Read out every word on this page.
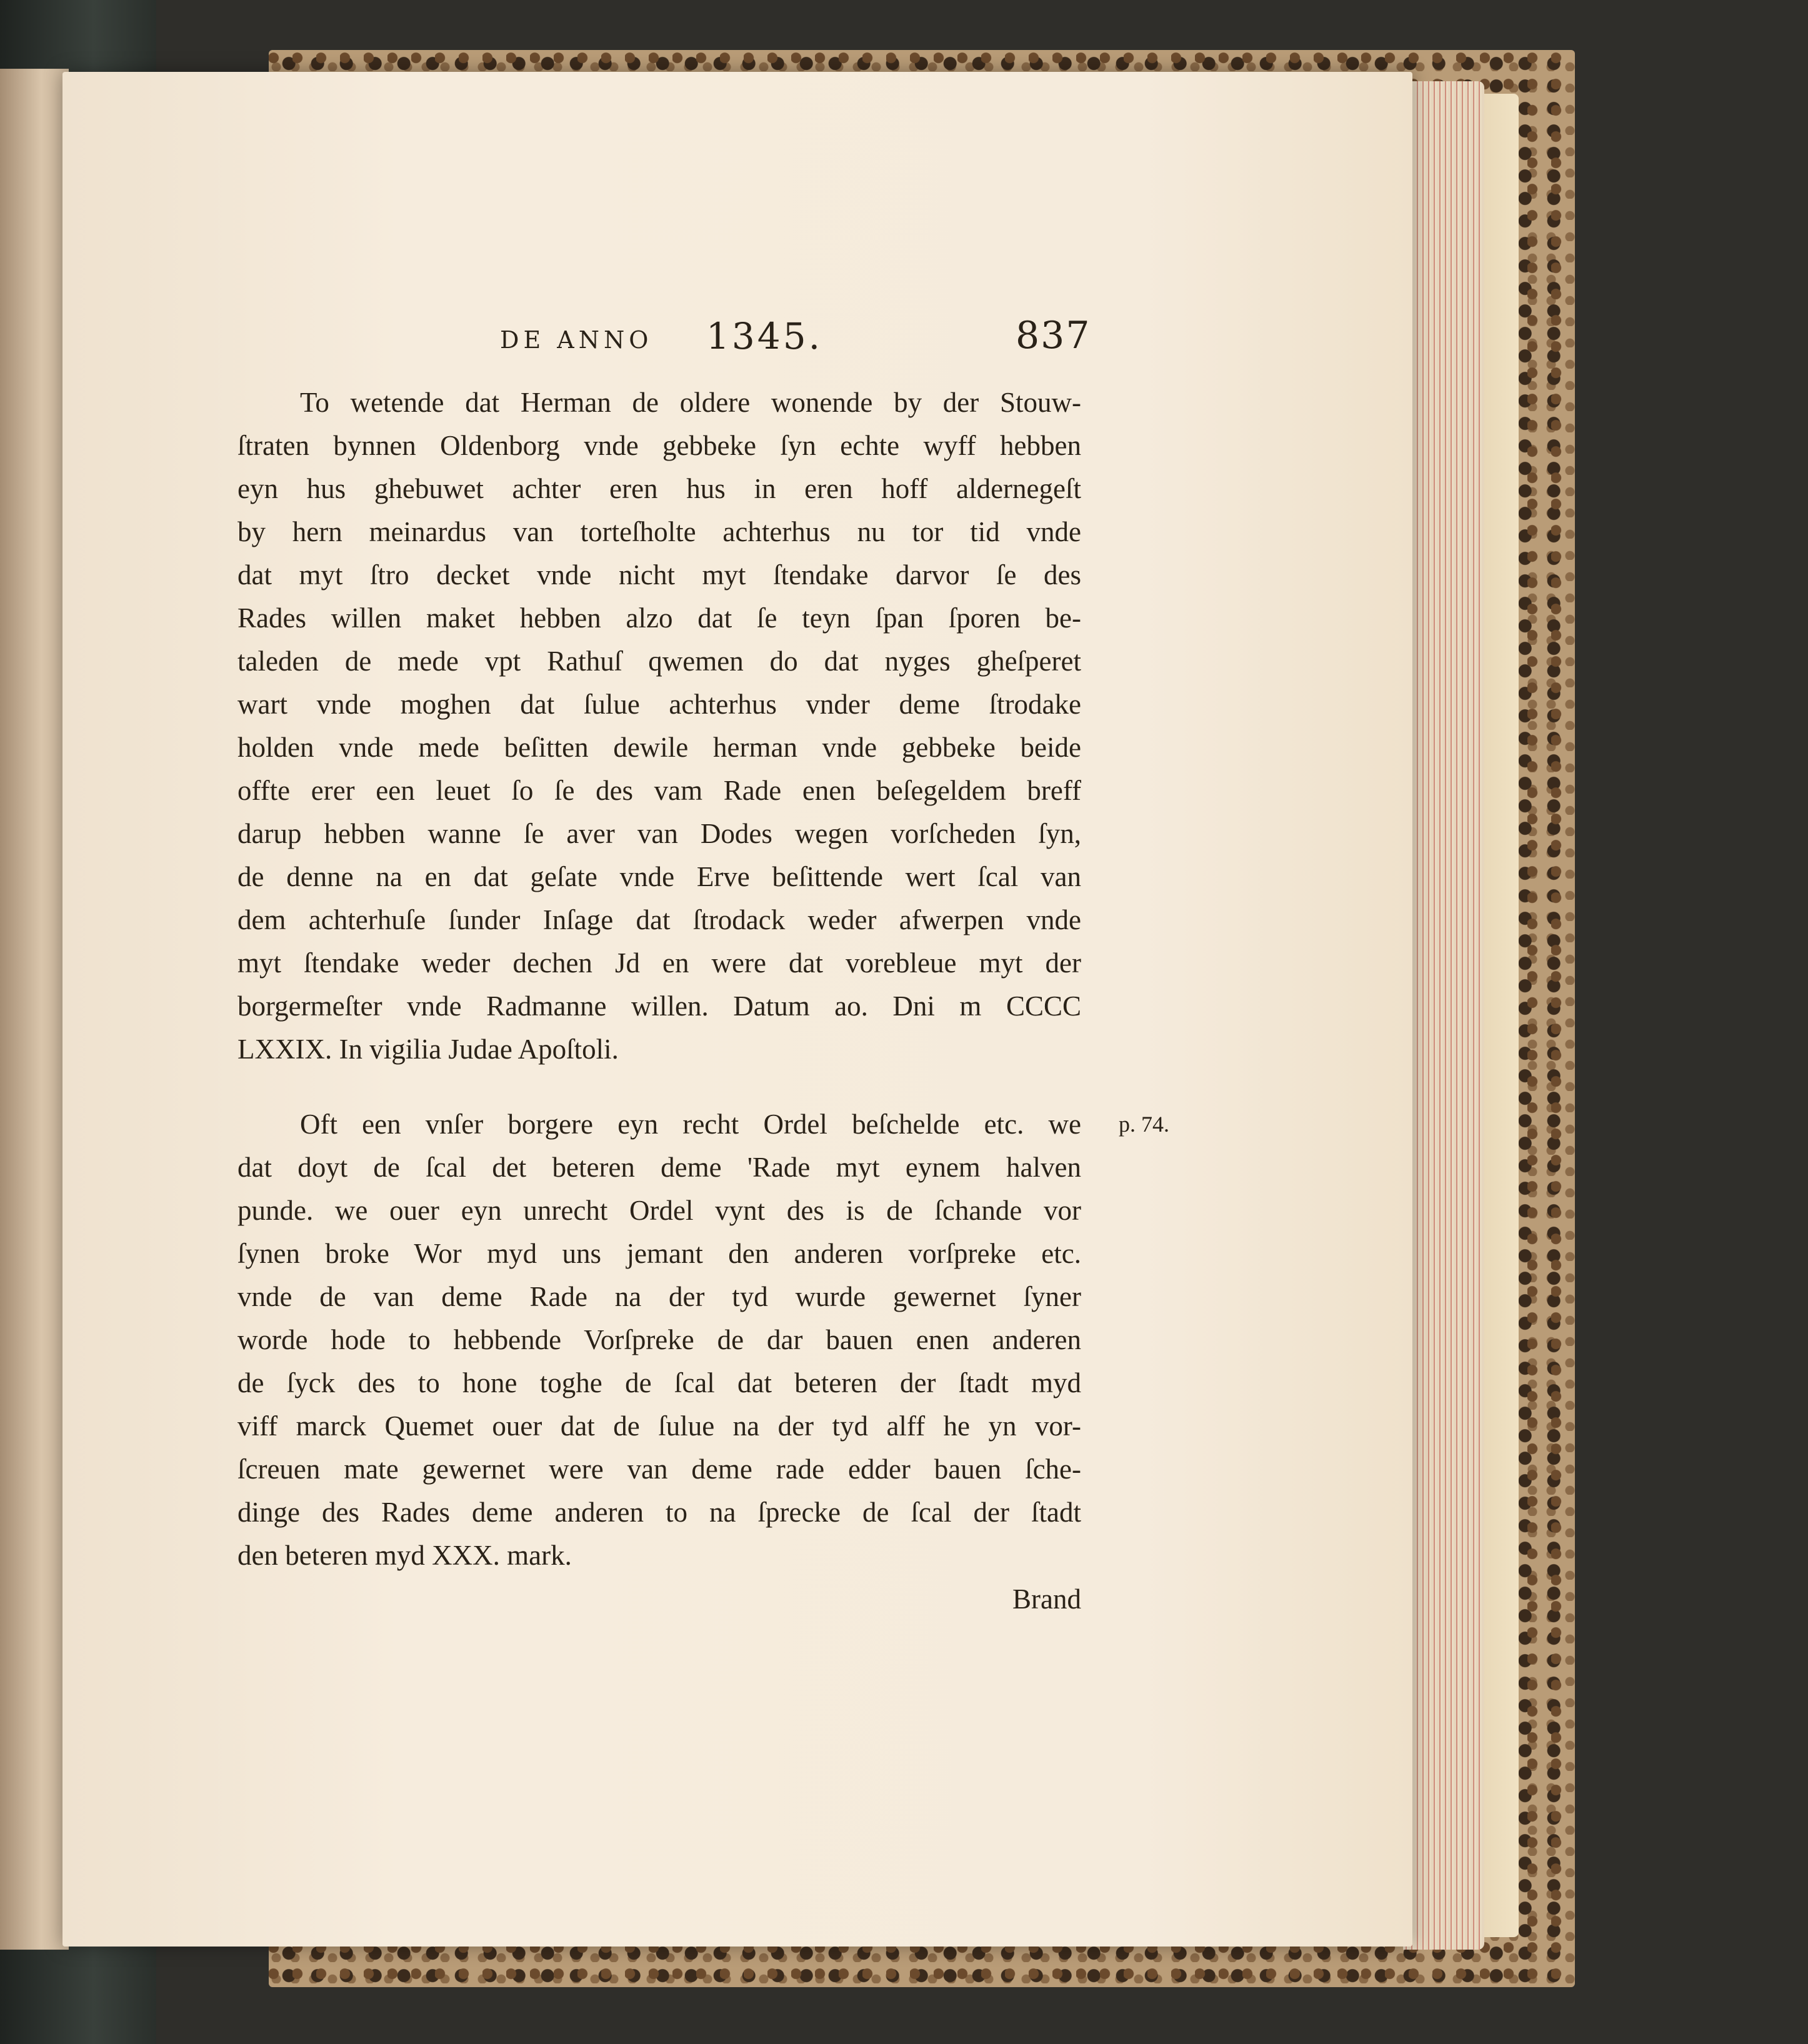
DE ANNO 1345.	837

To wetende dat Herman de oldere wonende by der Stouw-
ſtraten bynnen Oldenborg vnde gebbeke ſyn echte wyff hebben
eyn hus ghebuwet achter eren hus in eren hoff aldernegeſt
by hern meinardus van torteſholte achterhus nu tor tid vnde
dat myt ſtro decket vnde nicht myt ſtendake darvor ſe des
Rades willen maket hebben alzo dat ſe teyn ſpan ſporen be-
taleden de mede vpt Rathuſ qwemen do dat nyges gheſperet
wart vnde moghen dat ſulue achterhus vnder deme ſtrodake
holden vnde mede beſitten dewile herman vnde gebbeke beide
offte erer een leuet ſo ſe des vam Rade enen beſegeldem breff
darup hebben wanne ſe aver van Dodes wegen vorſcheden ſyn,
de denne na en dat geſate vnde Erve beſittende wert ſcal van
dem achterhuſe ſunder Inſage dat ſtrodack weder afwerpen vnde
myt ſtendake weder dechen Jd en were dat vorebleue myt der
borgermeſter vnde Radmanne willen. Datum ao. Dni m CCCC
LXXIX. In vigilia Judae Apoſtoli.
Oft een vnſer borgere eyn recht Ordel beſchelde etc. we
dat doyt de ſcal det beteren deme 'Rade myt eynem halven
punde. we ouer eyn unrecht Ordel vynt des is de ſchande vor
ſynen broke Wor myd uns jemant den anderen vorſpreke etc.
vnde de van deme Rade na der tyd wurde gewernet ſyner
worde hode to hebbende Vorſpreke de dar bauen enen anderen
de ſyck des to hone toghe de ſcal dat beteren der ſtadt myd
viff marck Quemet ouer dat de ſulue na der tyd alff he yn vor-
ſcreuen mate gewernet were van deme rade edder bauen ſche-
dinge des Rades deme anderen to na ſprecke de ſcal der ſtadt
den beteren myd XXX. mark.
p. 74.
Brand
